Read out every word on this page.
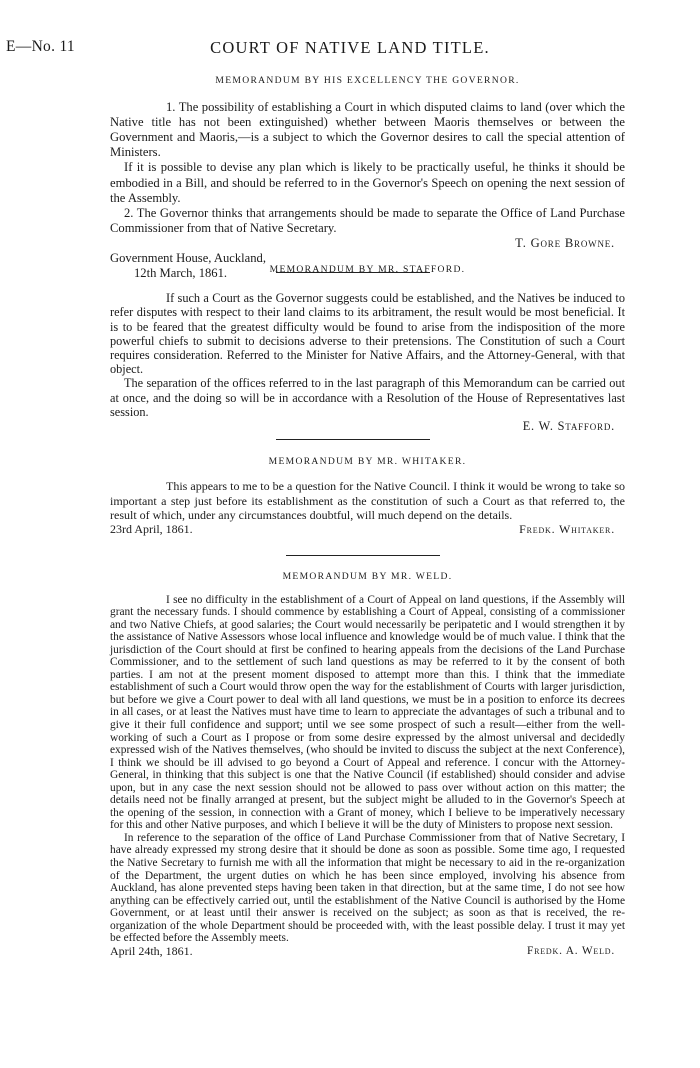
E—No. 11	COURT OF NATIVE LAND TITLE.

MEMORANDUM BY HIS EXCELLENCY THE GOVERNOR.

1. The possibility of establishing a Court in which disputed claims to land (over which the Native title has not been extinguished) whether between Maoris themselves or between the Government and Maoris,—is a subject to which the Governor desires to call the special attention of Ministers.

If it is possible to devise any plan which is likely to be practically useful, he thinks it should be embodied in a Bill, and should be referred to in the Governor's Speech on opening the next session of the Assembly.

2. The Governor thinks that arrangements should be made to separate the Office of Land Purchase Commissioner from that of Native Secretary.

T. Gore Browne.

Government House, Auckland,

12th March, 1861.	MEMORANDUM BY MR. STAFFORD.

If such a Court as the Governor suggests could be established, and the Natives be induced to refer disputes with respect to their land claims to its arbitrament, the result would be most beneficial. It is to be feared that the greatest difficulty would be found to arise from the indisposition of the more powerful chiefs to submit to decisions adverse to their pretensions. The Constitution of such a Court requires consideration. Referred to the Minister for Native Affairs, and the Attorney-General, with that object.

The separation of the offices referred to in the last paragraph of this Memorandum can be carried out at once, and the doing so will be in accordance with a Resolution of the House of Representatives last session.

E. W. Stafford.

MEMORANDUM BY MR. WHITAKER.

This appears to me to be a question for the Native Council. I think it would be wrong to take so important a step just before its establishment as the constitution of such a Court as that referred to, the result of which, under any circumstances doubtful, will much depend on the details.

Fredk. Whitaker.

23rd April, 1861.

MEMORANDUM BY MR. WELD.

I see no difficulty in the establishment of a Court of Appeal on land questions, if the Assembly will grant the necessary funds. I should commence by establishing a Court of Appeal, consisting of a commissioner and two Native Chiefs, at good salaries; the Court would necessarily be peripatetic and I would strengthen it by the assistance of Native Assessors whose local influence and knowledge would be of much value. I think that the jurisdiction of the Court should at first be confined to hearing appeals from the decisions of the Land Purchase Commissioner, and to the settlement of such land questions as may be referred to it by the consent of both parties. I am not at the present moment disposed to attempt more than this. I think that the immediate establishment of such a Court would throw open the way for the establishment of Courts with larger jurisdiction, but before we give a Court power to deal with all land questions, we must be in a position to enforce its decrees in all cases, or at least the Natives must have time to learn to appreciate the advantages of such a tribunal and to give it their full confidence and support; until we see some prospect of such a result—either from the well-working of such a Court as I propose or from some desire expressed by the almost universal and decidedly expressed wish of the Natives themselves, (who should be invited to discuss the subject at the next Conference), I think we should be ill advised to go beyond a Court of Appeal and reference. I concur with the Attorney-General, in thinking that this subject is one that the Native Council (if established) should consider and advise upon, but in any case the next session should not be allowed to pass over without action on this matter; the details need not be finally arranged at present, but the subject might be alluded to in the Governor's Speech at the opening of the session, in connection with a Grant of money, which I believe to be imperatively necessary for this and other Native purposes, and which I believe it will be the duty of Ministers to propose next session.

In reference to the separation of the office of Land Purchase Commissioner from that of Native Secretary, I have already expressed my strong desire that it should be done as soon as possible. Some time ago, I requested the Native Secretary to furnish me with all the information that might be necessary to aid in the re-organization of the Department, the urgent duties on which he has been since employed, involving his absence from Auckland, has alone prevented steps having been taken in that direction, but at the same time, I do not see how anything can be effectively carried out, until the establishment of the Native Council is authorised by the Home Government, or at least until their answer is received on the subject; as soon as that is received, the re-organization of the whole Department should be proceeded with, with the least possible delay. I trust it may yet be effected before the Assembly meets.

Fredk. A. Weld.

April 24th, 1861.
